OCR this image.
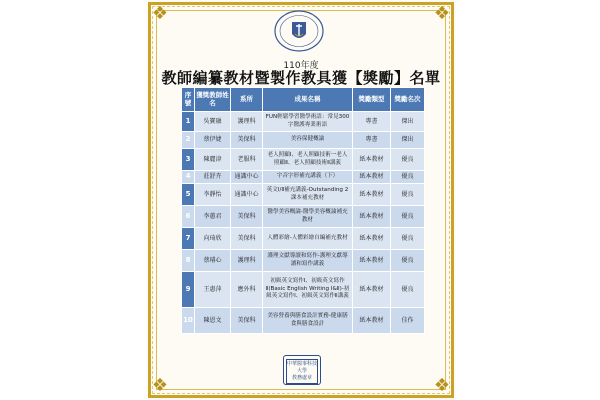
❖	❖
❖	❖
110年度
教師編纂教材暨製作教具獲【獎勵】名單
序號	獲獎教師姓名	系所	成果名稱	獎勵類型	獎勵名次
1	吳寶融	護理科	FUN輕鬆學習醫學術語：常見300字醫護專業術語	專書	傑出
2	蔡伊婕	美保科	美容保健概論	專書	傑出
3	陳麗津	老服科	老人照顧Ⅰ、老人照顧技術一老人照顧Ⅱ、老人照顧技術Ⅱ講義	紙本教材	優良
4	莊舒卉	通識中心	宇音字形補充講義（下）	紙本教材	優良
5	李靜怡	通識中心	英文Ⅰ/Ⅱ補充講義-Outstanding 2 課本補充教材	紙本教材	優良
6	李蕙君	美保科	醫學美容概論-醫學美容概論補充教材	紙本教材	優良
7	向琦欣	美保科	人體彩繪-人體彩繪自編補充教材	紙本教材	優良
8	蔡璿心	護理科	護理文獻導讀和寫作-護理文獻導讀和寫作講義	紙本教材	優良
9	王惠萍	應外科	初級英文寫作Ⅰ、初級英文寫作Ⅱ(Basic English Writing Ⅰ&Ⅱ)-初級英文寫作Ⅰ、初級英文寫作Ⅱ講義	紙本教材	優良
10	陳恩文	美保科	美容營養與膳食設計實務-健康膳食與膳食設計	紙本教材	佳作
中華醫事科技大學
教務處章
